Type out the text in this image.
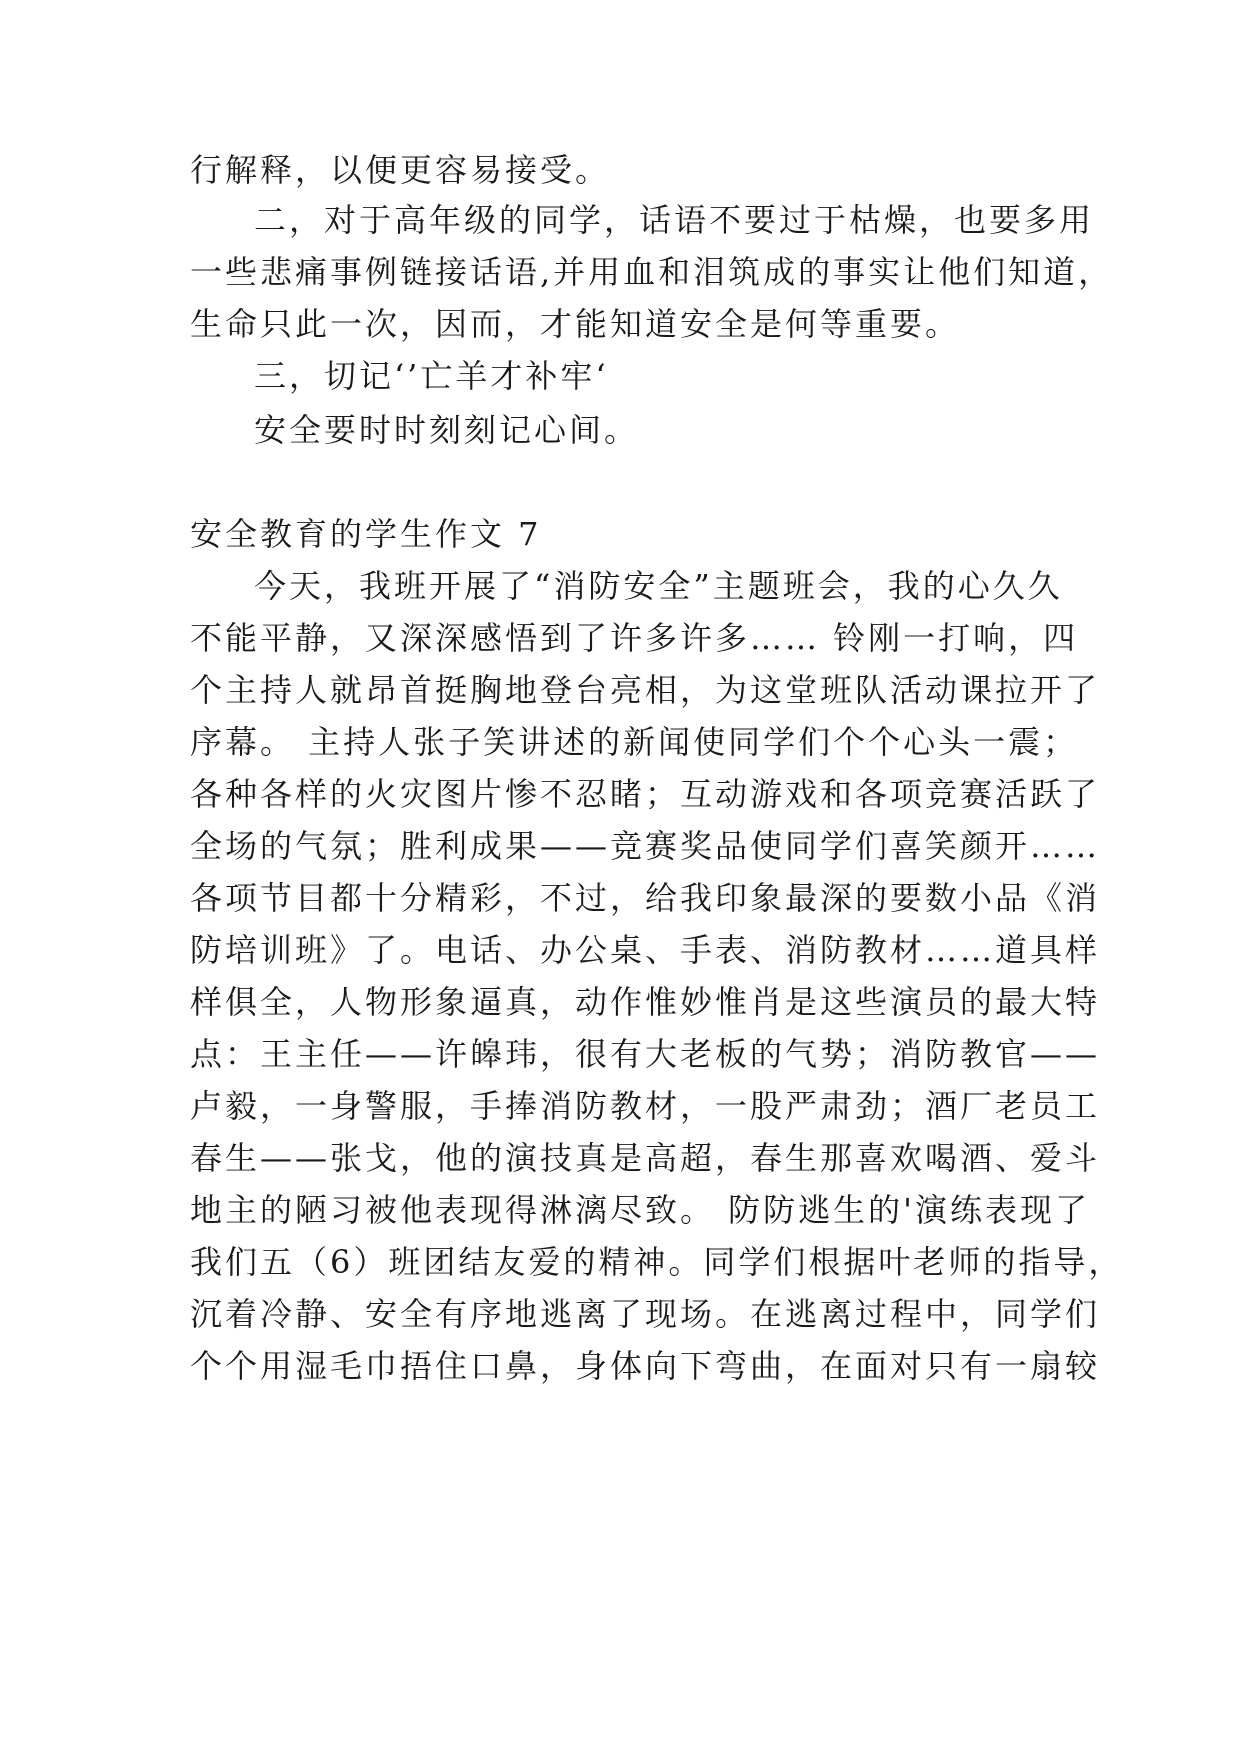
行解释，以便更容易接受。
二，对于高年级的同学，话语不要过于枯燥，也要多用
一些悲痛事例链接话语,并用血和泪筑成的事实让他们知道，
生命只此一次，因而，才能知道安全是何等重要。
三，切记‘’亡羊才补牢‘
安全要时时刻刻记心间。
安全教育的学生作文 7
今天，我班开展了“消防安全”主题班会，我的心久久
不能平静，又深深感悟到了许多许多…… 铃刚一打响，四
个主持人就昂首挺胸地登台亮相，为这堂班队活动课拉开了
序幕。 主持人张子笑讲述的新闻使同学们个个心头一震；
各种各样的火灾图片惨不忍睹；互动游戏和各项竞赛活跃了
全场的气氛；胜利成果——竞赛奖品使同学们喜笑颜开……
各项节目都十分精彩，不过，给我印象最深的要数小品《消
防培训班》了。电话、办公桌、手表、消防教材……道具样
样俱全，人物形象逼真，动作惟妙惟肖是这些演员的最大特
点：王主任——许皞玮，很有大老板的气势；消防教官——
卢毅，一身警服，手捧消防教材，一股严肃劲；酒厂老员工
春生——张戈，他的演技真是高超，春生那喜欢喝酒、爱斗
地主的陋习被他表现得淋漓尽致。 防防逃生的'演练表现了
我们五（6）班团结友爱的精神。同学们根据叶老师的指导，
沉着冷静、安全有序地逃离了现场。在逃离过程中，同学们
个个用湿毛巾捂住口鼻，身体向下弯曲，在面对只有一扇较
